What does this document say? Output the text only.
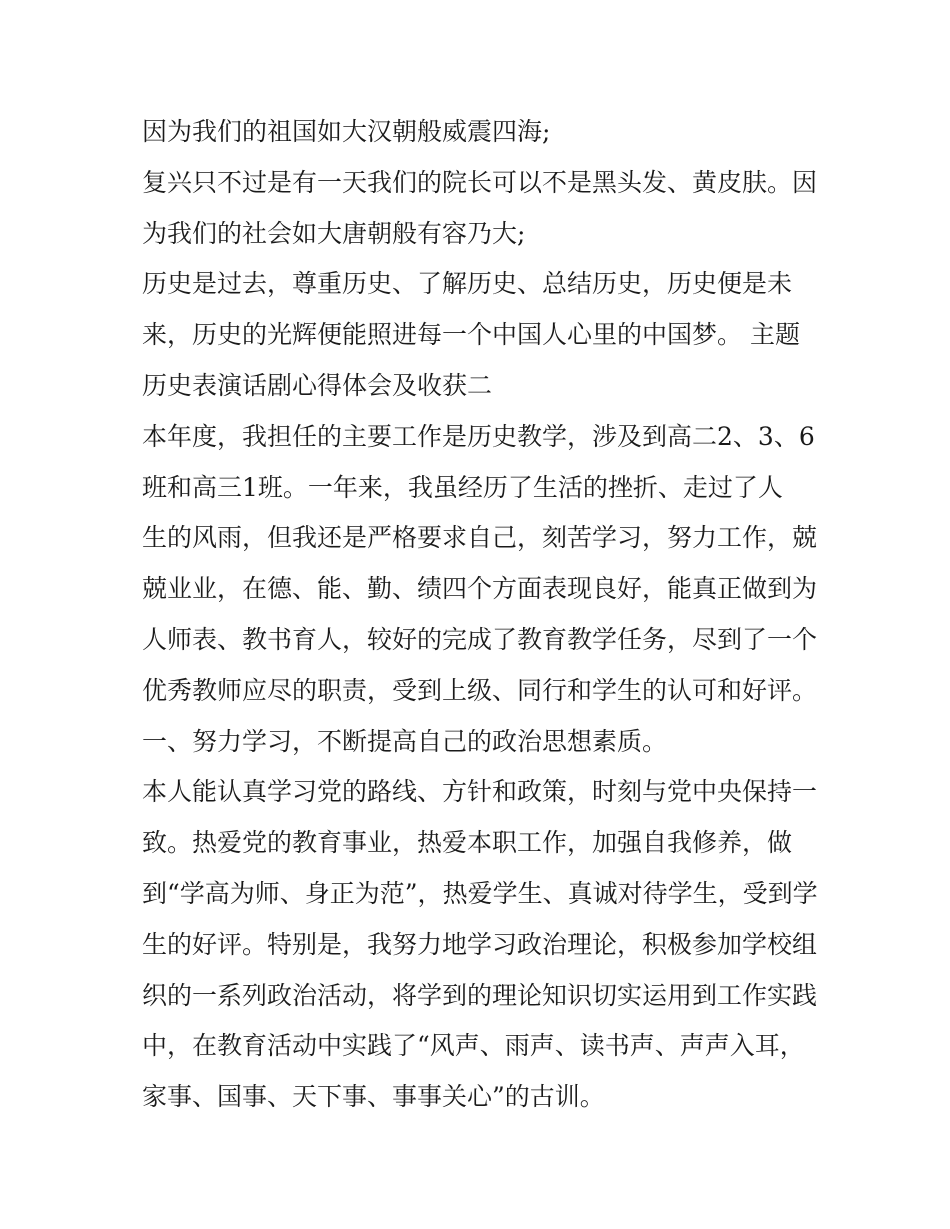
因为我们的祖国如大汉朝般威震四海;
复兴只不过是有一天我们的院长可以不是黑头发、黄皮肤。因
为我们的社会如大唐朝般有容乃大;
历史是过去，尊重历史、了解历史、总结历史，历史便是未
来，历史的光辉便能照进每一个中国人心里的中国梦。 主题
历史表演话剧心得体会及收获二
本年度，我担任的主要工作是历史教学，涉及到高二2、3、6
班和高三1班。一年来，我虽经历了生活的挫折、走过了人
生的风雨，但我还是严格要求自己，刻苦学习，努力工作，兢
兢业业，在德、能、勤、绩四个方面表现良好，能真正做到为
人师表、教书育人，较好的完成了教育教学任务，尽到了一个
优秀教师应尽的职责，受到上级、同行和学生的认可和好评。
一、努力学习，不断提高自己的政治思想素质。
本人能认真学习党的路线、方针和政策，时刻与党中央保持一
致。热爱党的教育事业，热爱本职工作，加强自我修养，做
到“学高为师、身正为范”，热爱学生、真诚对待学生，受到学
生的好评。特别是，我努力地学习政治理论，积极参加学校组
织的一系列政治活动，将学到的理论知识切实运用到工作实践
中，在教育活动中实践了“风声、雨声、读书声、声声入耳，
家事、国事、天下事、事事关心”的古训。
